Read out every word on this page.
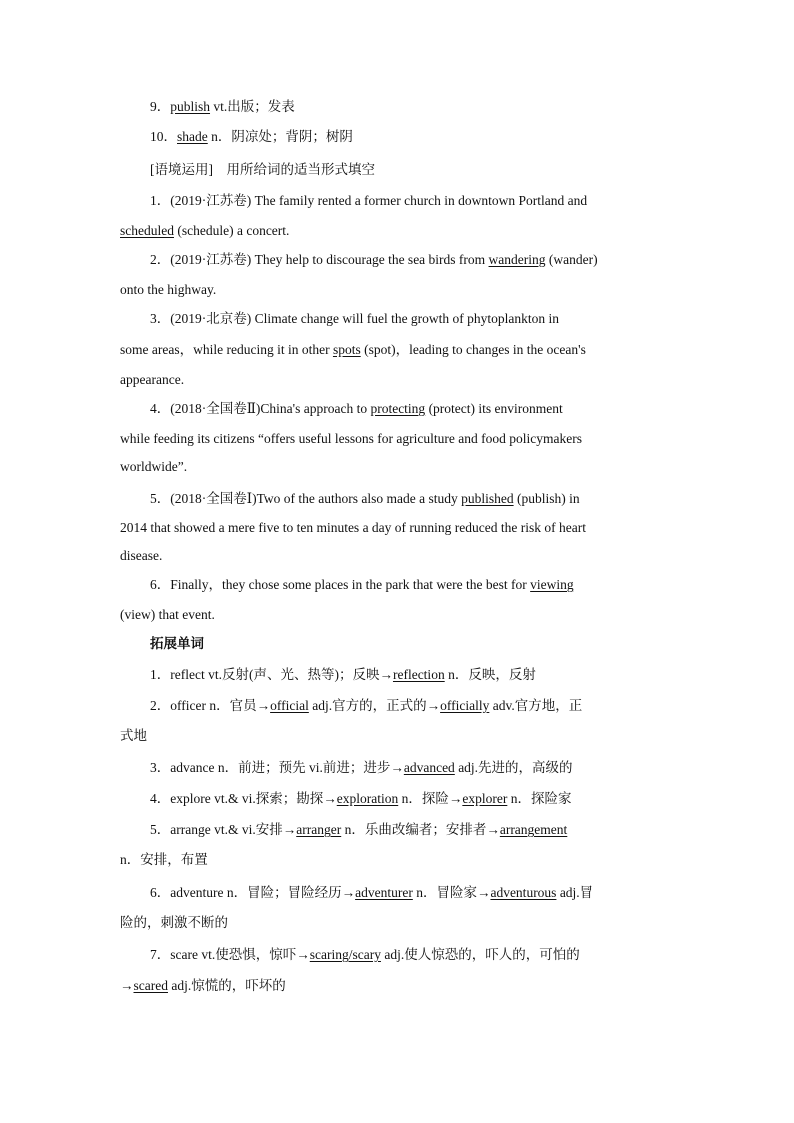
9．publish vt.出版；发表
10．shade n．阴凉处；背阴；树阴
[语境运用]　用所给词的适当形式填空
1．(2019·江苏卷) The family rented a former church in downtown Portland and
scheduled (schedule) a concert.
2．(2019·江苏卷) They help to discourage the sea birds from wandering (wander)
onto the highway.
3．(2019·北京卷) Climate change will fuel the growth of phytoplankton in
some areas，while reducing it in other spots (spot)，leading to changes in the ocean's
appearance.
4．(2018·全国卷Ⅱ)China's approach to protecting (protect) its environment
while feeding its citizens “offers useful lessons for agriculture and food policymakers
worldwide”.
5．(2018·全国卷Ⅰ)Two of the authors also made a study published (publish) in
2014 that showed a mere five to ten minutes a day of running reduced the risk of heart
disease.
6．Finally，they chose some places in the park that were the best for viewing
(view) that event.
拓展单词
1．reflect vt.反射(声、光、热等)；反映→reflection n．反映，反射
2．officer n．官员→official adj.官方的，正式的→officially adv.官方地，正
式地
3．advance n．前进；预先 vi.前进；进步→advanced adj.先进的，高级的
4．explore vt.& vi.探索；勘探→exploration n．探险→explorer n．探险家
5．arrange vt.& vi.安排→arranger n．乐曲改编者；安排者→arrangement
n．安排，布置
6．adventure n．冒险；冒险经历→adventurer n．冒险家→adventurous adj.冒
险的，刺激不断的
7．scare vt.使恐惧，惊吓→scaring/scary adj.使人惊恐的，吓人的，可怕的
→scared adj.惊慌的，吓坏的
